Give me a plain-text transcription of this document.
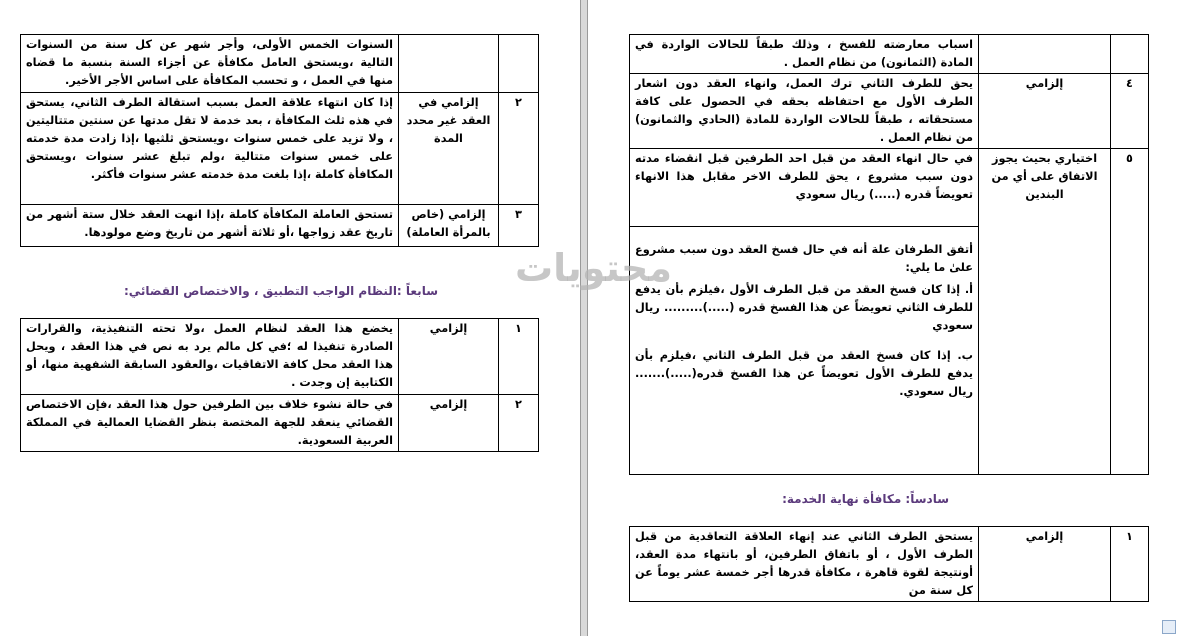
		السنوات الخمس الأولى، وأجر شهر عن كل سنة من السنوات التالية ،ويستحق العامل مكافأة عن أجزاء السنة بنسبة ما قضاه منها في العمل ، و تحسب المكافأة على اساس الأجر الأخير.
٢	إلزامي في العقد غير محدد المدة	إذا كان انتهاء علاقة العمل بسبب استقالة الطرف الثاني، يستحق في هذه ثلث المكافأة ، بعد خدمة لا تقل مدتها عن سنتين متتاليتين ، ولا تزيد على خمس سنوات ،ويستحق ثلثيها ،إذا زادت مدة خدمته على خمس سنوات متتالية ،ولم تبلغ عشر سنوات ،ويستحق المكافأة كاملة ،إذا بلغت مدة خدمته عشر سنوات فأكثر.
٣	إلزامي (خاص بالمرأة العاملة)	تستحق العاملة المكافأة كاملة ،إذا انهت العقد خلال ستة أشهر من تاريخ عقد زواجها ،أو ثلاثة أشهر من تاريخ وضع مولودها.
سابعاً :النظام الواجب التطبيق ، والاختصاص القضائي:
١	إلزامي	يخضع هذا العقد لنظام العمل ،ولا تحته التنفيذية، والقرارات الصادرة تنفيذا له ؛في كل مالم يرد به نص في هذا العقد ، ويحل هذا العقد محل كافة الاتفاقيات ،والعقود السابقة الشفهية منها، أو الكتابية إن وجدت .
٢	إلزامي	في حالة نشوء خلاف بين الطرفين حول هذا العقد ،فإن الاختصاص القضائي ينعقد للجهة المختصة بنظر القضايا العمالية في المملكة العربية السعودية.
		اسباب معارضته للفسخ ، وذلك طبقاً للحالات الواردة في المادة (الثمانون) من نظام العمل .
٤	إلزامي	يحق للطرف الثاني ترك العمل، وانهاء العقد دون اشعار الطرف الأول مع احتفاظه بحقه في الحصول على كافة مستحقاته ، طبقاً للحالات الواردة للمادة (الحادي والثمانون) من نظام العمل .
٥	اختياري بحيث يجوز الاتفاق على أي من البندين	في حال انهاء العقد من قبل احد الطرفين قبل انقضاء مدته دون سبب مشروع ، يحق للطرف الاخر مقابل هذا الانهاء تعويضاً قدره (.....) ريال سعودي

		أتفق الطرفان علة أنه في حال فسخ العقد دون سبب مشروع علىٰ ما يلي:
أ. إذا كان فسخ العقد من قبل الطرف الأول ،فيلزم بأن يدفع للطرف الثاني تعويضاً عن هذا الفسخ قدره (.....)......... ريال سعودي
ب. إذا كان فسخ العقد من قبل الطرف الثاني ،فيلزم بأن يدفع للطرف الأول تعويضاً عن هذا الفسخ قدره(.....)....... ريال سعودي.
سادساً: مكافأة نهاية الخدمة:
١	إلزامي	يستحق الطرف الثاني عند إنهاء العلاقة التعاقدية من قبل الطرف الأول ، أو باتفاق الطرفين، أو بانتهاء مدة العقد، أونتيجة لقوة قاهرة ، مكافأة قدرها أجر خمسة عشر يوماً عن كل سنة من
محتويات
